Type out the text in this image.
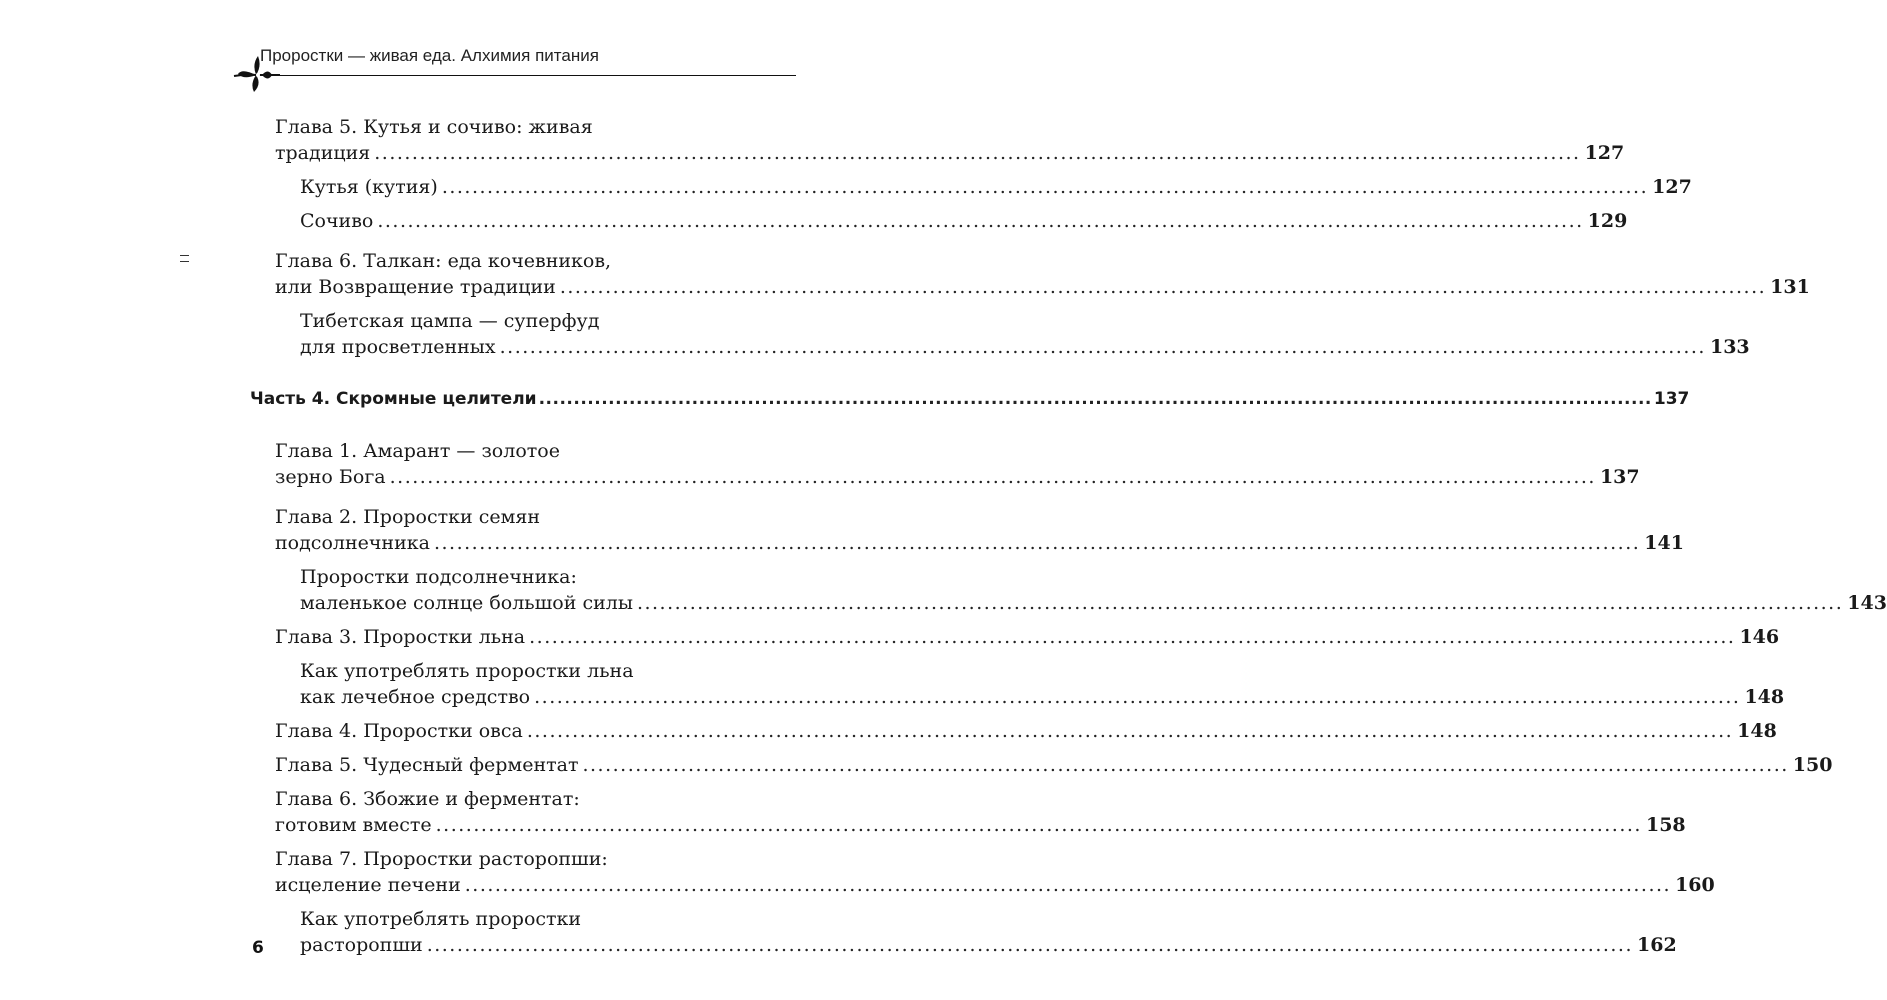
Проростки — живая еда. Алхимия питания
Глава 5. Кутья и сочиво: живая
традиция ................................................................................................................................................................ 127
Кутья (кутия) ................................................................................................................................................................ 127
Сочиво ................................................................................................................................................................ 129
Глава 6. Талкан: еда кочевников,
или Возвращение традиции ................................................................................................................................................................ 131
Тибетская цампа — суперфуд
для просветленных ................................................................................................................................................................ 133
Часть 4. Скромные целители ................................................................................................................................................................ 137
Глава 1. Амарант — золотое
зерно Бога ................................................................................................................................................................ 137
Глава 2. Проростки семян
подсолнечника ................................................................................................................................................................ 141
Проростки подсолнечника:
маленькое солнце большой силы ................................................................................................................................................................ 143
Глава 3. Проростки льна ................................................................................................................................................................ 146
Как употреблять проростки льна
как лечебное средство ................................................................................................................................................................ 148
Глава 4. Проростки овса ................................................................................................................................................................ 148
Глава 5. Чудесный ферментат ................................................................................................................................................................ 150
Глава 6. Збожие и ферментат:
готовим вместе ................................................................................................................................................................ 158
Глава 7. Проростки расторопши:
исцеление печени ................................................................................................................................................................ 160
Как употреблять проростки
расторопши ................................................................................................................................................................ 162
6
